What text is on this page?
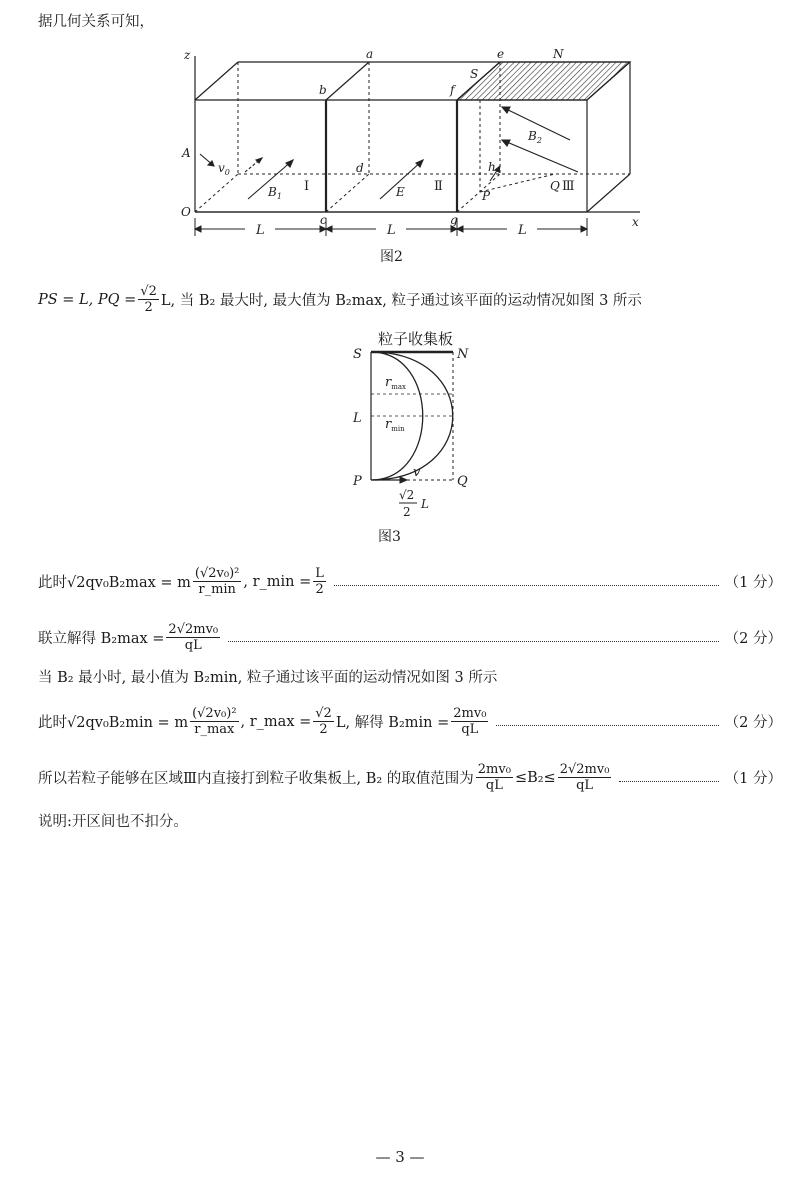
据几何关系可知，
z
x
O
A
$v_0$
$B_1$	E
a
b
c
d
e
f
g
h
N
S
P
Q
$B_2$
Ⅰ	Ⅱ	Ⅲ
L	L	L
图2
PS = L, PQ = $\frac{√2}{2} L$, 当 B₂ 最大时, 最大值为 B₂max, 粒子通过该平面的运动情况如图 3 所示
粒子收集板
S	N
L
P	Q
v
$r_{max}$
$r_{min}$
√2
2
L
图3
此时√2qv₀B₂max = m $\frac{\text{(√2v₀)²}}{r\_\min}$ , r_min = $\frac{L}{2}$	（1 分）
联立解得 $B_2\max = \frac{\text{2√2mv₀}}{qL}$	（2 分）
当 B₂ 最小时, 最小值为 B₂min, 粒子通过该平面的运动情况如图 3 所示
此时√2qv₀B₂min = m $\frac{\text{(√2v₀)²}}{r\_\max}$ , r_max = $\frac{√2}{2} L$, 解得 $B_2\min = \frac{\text{2mv₀}}{qL}$	（2 分）
所以若粒子能够在区域Ⅲ内直接打到粒子收集板上, B₂ 的取值范围为 $\frac{\text{2mv₀}}{qL} \le B_2\le \frac{\text{2√2mv₀}}{qL}$	（1 分）
说明:开区间也不扣分。
— 3 —
